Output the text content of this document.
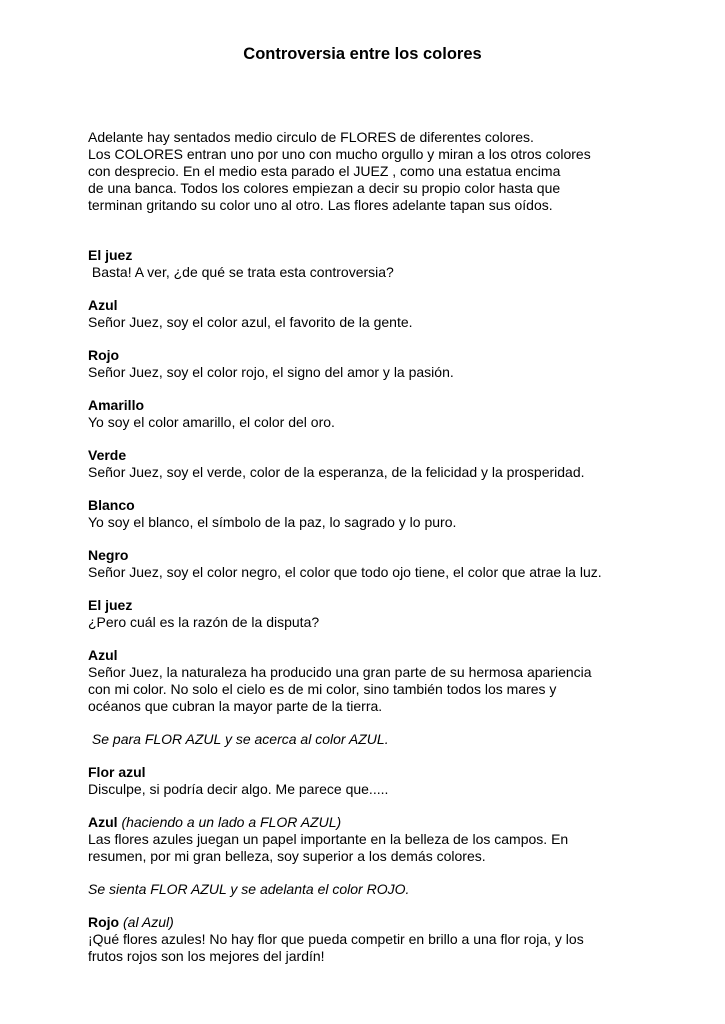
Controversia entre los colores

Adelante hay sentados medio circulo de FLORES de diferentes colores.
Los COLORES entran uno por uno con mucho orgullo y miran a los otros colores
con desprecio. En el medio esta parado el JUEZ , como una estatua encima
de una banca. Todos los colores empiezan a decir su propio color hasta que
terminan gritando su color uno al otro. Las flores adelante tapan sus oídos.

El juez
Basta! A ver, ¿de qué se trata esta controversia?
Azul
Señor Juez, soy el color azul, el favorito de la gente.
Rojo
Señor Juez, soy el color rojo, el signo del amor y la pasión.
Amarillo
Yo soy el color amarillo, el color del oro.
Verde
Señor Juez, soy el verde, color de la esperanza, de la felicidad y la prosperidad.
Blanco
Yo soy el blanco, el símbolo de la paz, lo sagrado y lo puro.
Negro
Señor Juez, soy el color negro, el color que todo ojo tiene, el color que atrae la luz.
El juez
¿Pero cuál es la razón de la disputa?
Azul
Señor Juez, la naturaleza ha producido una gran parte de su hermosa apariencia
con mi color. No solo el cielo es de mi color, sino también todos los mares y
océanos que cubran la mayor parte de la tierra.
Se para FLOR AZUL y se acerca al color AZUL.
Flor azul
Disculpe, si podría decir algo. Me parece que.....
Azul (haciendo a un lado a FLOR AZUL)
Las flores azules juegan un papel importante en la belleza de los campos. En
resumen, por mi gran belleza, soy superior a los demás colores.
Se sienta FLOR AZUL y se adelanta el color ROJO.
Rojo (al Azul)
¡Qué flores azules! No hay flor que pueda competir en brillo a una flor roja, y los
frutos rojos son los mejores del jardín!
